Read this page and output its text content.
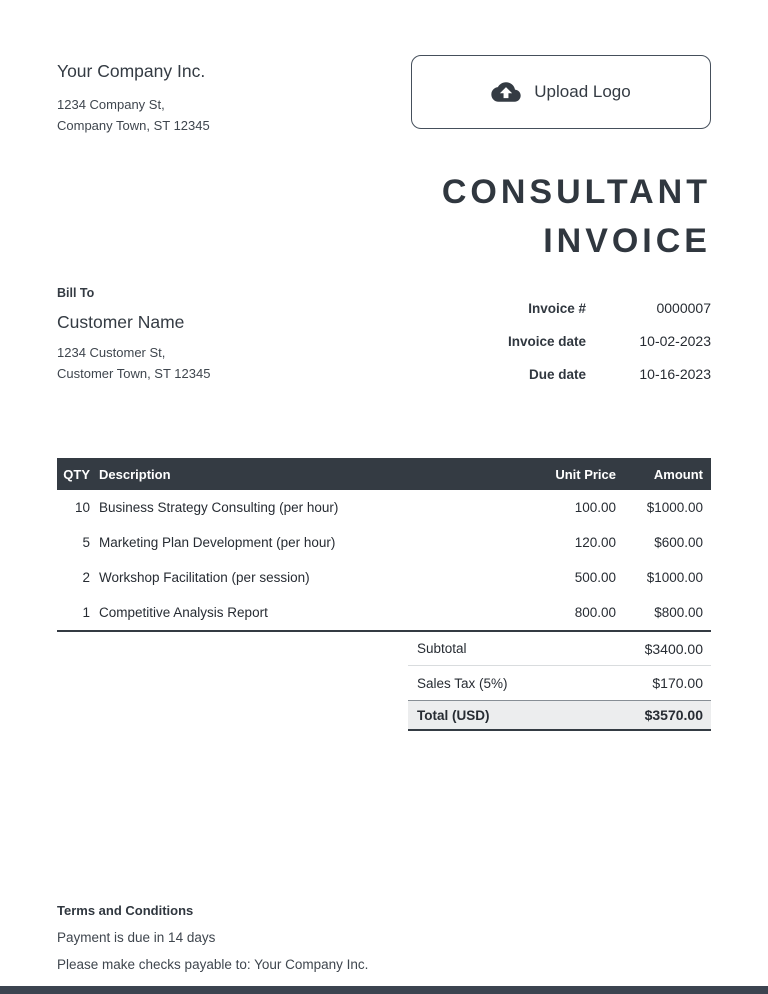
Your Company Inc.
1234 Company St,
Company Town, ST 12345
Upload Logo
CONSULTANT
INVOICE
Bill To
Customer Name
1234 Customer St,
Customer Town, ST 12345
Invoice #	0000007
Invoice date	10-02-2023
Due date	10-16-2023
QTY Description	Unit Price	Amount
10 Business Strategy Consulting (per hour)	100.00	$1000.00
5 Marketing Plan Development (per hour)	120.00	$600.00
2 Workshop Facilitation (per session)	500.00	$1000.00
1 Competitive Analysis Report	800.00	$800.00
Subtotal	$3400.00
Sales Tax (5%)	$170.00
Total (USD)	$3570.00
Terms and Conditions
Payment is due in 14 days
Please make checks payable to: Your Company Inc.
